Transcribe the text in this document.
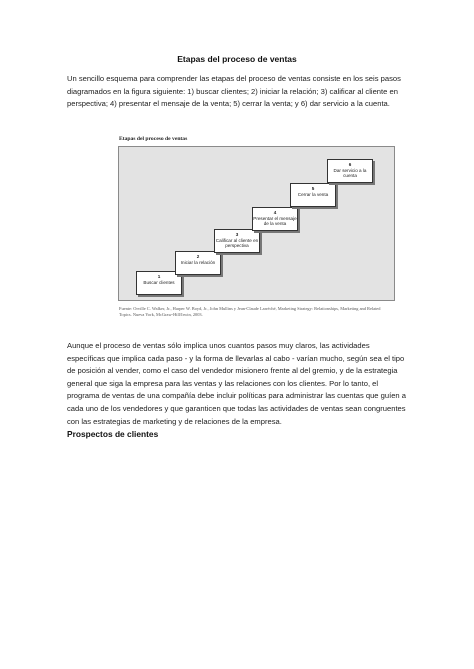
Etapas del proceso de ventas

Un sencillo esquema para comprender las etapas del proceso de ventas consiste en los seis pasos diagramados en la figura siguiente: 1) buscar clientes; 2) iniciar la relación; 3) calificar al cliente en perspectiva; 4) presentar el mensaje de la venta; 5) cerrar la venta; y 6) dar servicio a la cuenta.

Etapas del proceso de ventas
1
Buscar clientes
2
Iniciar la relación
3
Calificar al cliente en perspectiva
4
Presentar el mensaje de la venta
5
Cerrar la venta
6
Dar servicio a la cuenta
Fuente: Orville C. Walker, Jr., Harper W. Boyd, Jr., John Mullins y Jean-Claude Larréché, Marketing Strategy: Relationships, Marketing and Related Topics. Nueva York, McGraw-Hill/Irwin, 2003.

Aunque el proceso de ventas sólo implica unos cuantos pasos muy claros, las actividades específicas que implica cada paso - y la forma de llevarlas al cabo - varían mucho, según sea el tipo de posición al vender, como el caso del vendedor misionero frente al del gremio, y de la estrategia general que siga la empresa para las ventas y las relaciones con los clientes. Por lo tanto, el programa de ventas de una compañía debe incluir políticas para administrar las cuentas que guíen a cada uno de los vendedores y que garanticen que todas las actividades de ventas sean congruentes con las estrategias de marketing y de relaciones de la empresa.

Prospectos de clientes
